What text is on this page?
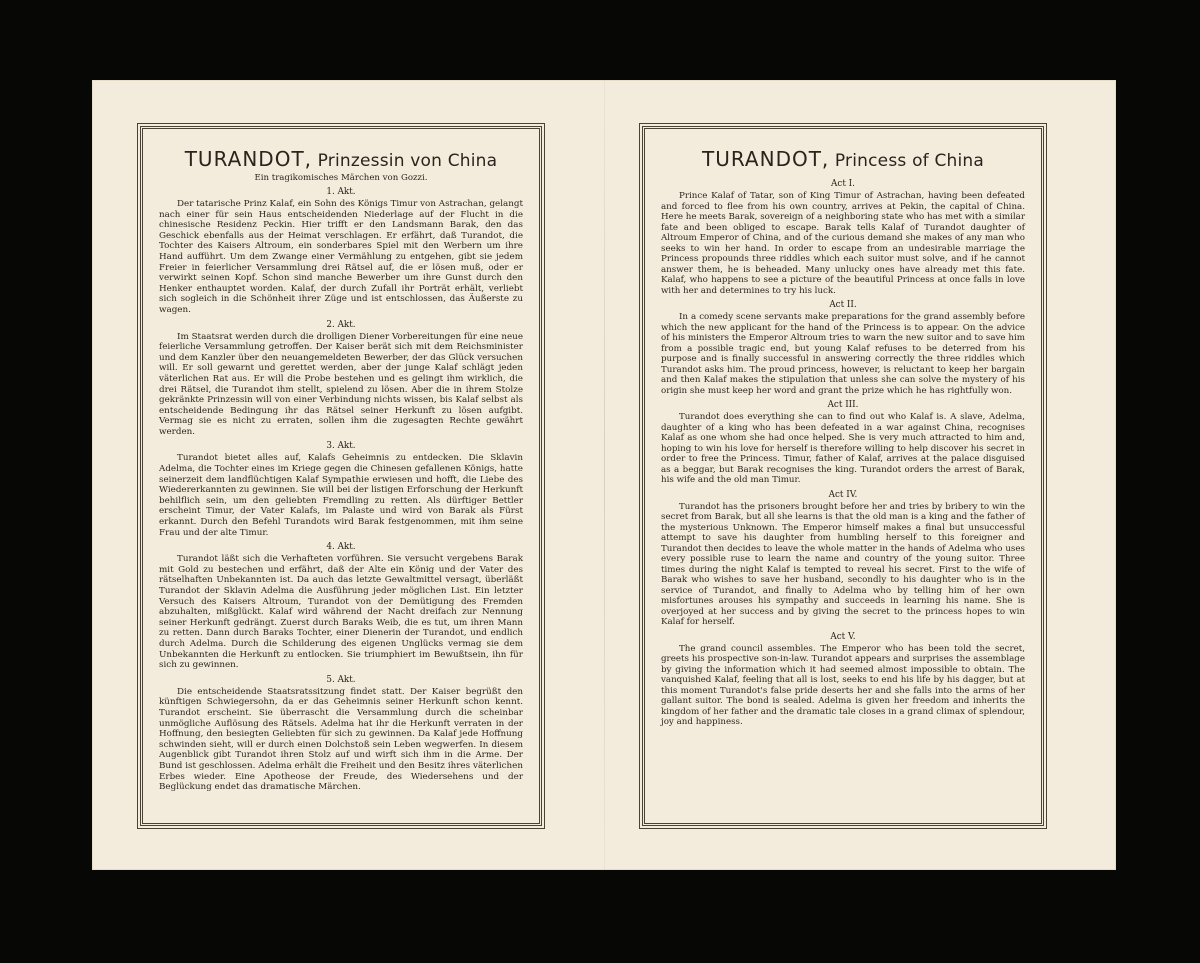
TURANDOT, Prinzessin von China
Ein tragikomisches Märchen von Gozzi.
1. Akt.

Der tatarische Prinz Kalaf, ein Sohn des Königs Timur von Astrachan, gelangt nach einer für sein Haus entscheidenden Niederlage auf der Flucht in die chinesische Residenz Peckin. Hier trifft er den Landsmann Barak, den das Geschick ebenfalls aus der Heimat verschlagen. Er erfährt, daß Turandot, die Tochter des Kaisers Altroum, ein sonderbares Spiel mit den Werbern um ihre Hand aufführt. Um dem Zwange einer Vermählung zu entgehen, gibt sie jedem Freier in feierlicher Versammlung drei Rätsel auf, die er lösen muß, oder er verwirkt seinen Kopf. Schon sind manche Bewerber um ihre Gunst durch den Henker enthauptet worden. Kalaf, der durch Zufall ihr Porträt erhält, verliebt sich sogleich in die Schönheit ihrer Züge und ist entschlossen, das Äußerste zu wagen.

2. Akt.

Im Staatsrat werden durch die drolligen Diener Vorbereitungen für eine neue feierliche Versammlung getroffen. Der Kaiser berät sich mit dem Reichsminister und dem Kanzler über den neuangemeldeten Bewerber, der das Glück versuchen will. Er soll gewarnt und gerettet werden, aber der junge Kalaf schlägt jeden väterlichen Rat aus. Er will die Probe bestehen und es gelingt ihm wirklich, die drei Rätsel, die Turandot ihm stellt, spielend zu lösen. Aber die in ihrem Stolze gekränkte Prinzessin will von einer Verbindung nichts wissen, bis Kalaf selbst als entscheidende Bedingung ihr das Rätsel seiner Herkunft zu lösen aufgibt. Vermag sie es nicht zu erraten, sollen ihm die zugesagten Rechte gewährt werden.

3. Akt.

Turandot bietet alles auf, Kalafs Geheimnis zu entdecken. Die Sklavin Adelma, die Tochter eines im Kriege gegen die Chinesen gefallenen Königs, hatte seinerzeit dem landflüchtigen Kalaf Sympathie erwiesen und hofft, die Liebe des Wiedererkannten zu gewinnen. Sie will bei der listigen Erforschung der Herkunft behilflich sein, um den geliebten Fremdling zu retten. Als dürftiger Bettler erscheint Timur, der Vater Kalafs, im Palaste und wird von Barak als Fürst erkannt. Durch den Befehl Turandots wird Barak festgenommen, mit ihm seine Frau und der alte Timur.

4. Akt.

Turandot läßt sich die Verhafteten vorführen. Sie versucht vergebens Barak mit Gold zu bestechen und erfährt, daß der Alte ein König und der Vater des rätselhaften Unbekannten ist. Da auch das letzte Gewaltmittel versagt, überläßt Turandot der Sklavin Adelma die Ausführung jeder möglichen List. Ein letzter Versuch des Kaisers Altroum, Turandot von der Demütigung des Fremden abzuhalten, mißglückt. Kalaf wird während der Nacht dreifach zur Nennung seiner Herkunft gedrängt. Zuerst durch Baraks Weib, die es tut, um ihren Mann zu retten. Dann durch Baraks Tochter, einer Dienerin der Turandot, und endlich durch Adelma. Durch die Schilderung des eigenen Unglücks vermag sie dem Unbekannten die Herkunft zu entlocken. Sie triumphiert im Bewußtsein, ihn für sich zu gewinnen.

5. Akt.

Die entscheidende Staatsratssitzung findet statt. Der Kaiser begrüßt den künftigen Schwiegersohn, da er das Geheimnis seiner Herkunft schon kennt. Turandot erscheint. Sie überrascht die Versammlung durch die scheinbar unmögliche Auflösung des Rätsels. Adelma hat ihr die Herkunft verraten in der Hoffnung, den besiegten Geliebten für sich zu gewinnen. Da Kalaf jede Hoffnung schwinden sieht, will er durch einen Dolchstoß sein Leben wegwerfen. In diesem Augenblick gibt Turandot ihren Stolz auf und wirft sich ihm in die Arme. Der Bund ist geschlossen. Adelma erhält die Freiheit und den Besitz ihres väterlichen Erbes wieder. Eine Apotheose der Freude, des Wiedersehens und der Beglückung endet das dramatische Märchen.

TURANDOT, Princess of China
Act I.

Prince Kalaf of Tatar, son of King Timur of Astrachan, having been defeated and forced to flee from his own country, arrives at Pekin, the capital of China. Here he meets Barak, sovereign of a neighboring state who has met with a similar fate and been obliged to escape. Barak tells Kalaf of Turandot daughter of Altroum Emperor of China, and of the curious demand she makes of any man who seeks to win her hand. In order to escape from an undesirable marriage the Princess propounds three riddles which each suitor must solve, and if he cannot answer them, he is beheaded. Many unlucky ones have already met this fate. Kalaf, who happens to see a picture of the beautiful Princess at once falls in love with her and determines to try his luck.

Act II.

In a comedy scene servants make preparations for the grand assembly before which the new applicant for the hand of the Princess is to appear. On the advice of his ministers the Emperor Altroum tries to warn the new suitor and to save him from a possible tragic end, but young Kalaf refuses to be deterred from his purpose and is finally successful in answering correctly the three riddles which Turandot asks him. The proud princess, however, is reluctant to keep her bargain and then Kalaf makes the stipulation that unless she can solve the mystery of his origin she must keep her word and grant the prize which he has rightfully won.

Act III.

Turandot does everything she can to find out who Kalaf is. A slave, Adelma, daughter of a king who has been defeated in a war against China, recognises Kalaf as one whom she had once helped. She is very much attracted to him and, hoping to win his love for herself is therefore willing to help discover his secret in order to free the Princess. Timur, father of Kalaf, arrives at the palace disguised as a beggar, but Barak recognises the king. Turandot orders the arrest of Barak, his wife and the old man Timur.

Act IV.

Turandot has the prisoners brought before her and tries by bribery to win the secret from Barak, but all she learns is that the old man is a king and the father of the mysterious Unknown. The Emperor himself makes a final but unsuccessful attempt to save his daughter from humbling herself to this foreigner and Turandot then decides to leave the whole matter in the hands of Adelma who uses every possible ruse to learn the name and country of the young suitor. Three times during the night Kalaf is tempted to reveal his secret. First to the wife of Barak who wishes to save her husband, secondly to his daughter who is in the service of Turandot, and finally to Adelma who by telling him of her own misfortunes arouses his sympathy and succeeds in learning his name. She is overjoyed at her success and by giving the secret to the princess hopes to win Kalaf for herself.

Act V.

The grand council assembles. The Emperor who has been told the secret, greets his prospective son-in-law. Turandot appears and surprises the assemblage by giving the information which it had seemed almost impossible to obtain. The vanquished Kalaf, feeling that all is lost, seeks to end his life by his dagger, but at this moment Turandot's false pride deserts her and she falls into the arms of her gallant suitor. The bond is sealed. Adelma is given her freedom and inherits the kingdom of her father and the dramatic tale closes in a grand climax of splendour, joy and happiness.
